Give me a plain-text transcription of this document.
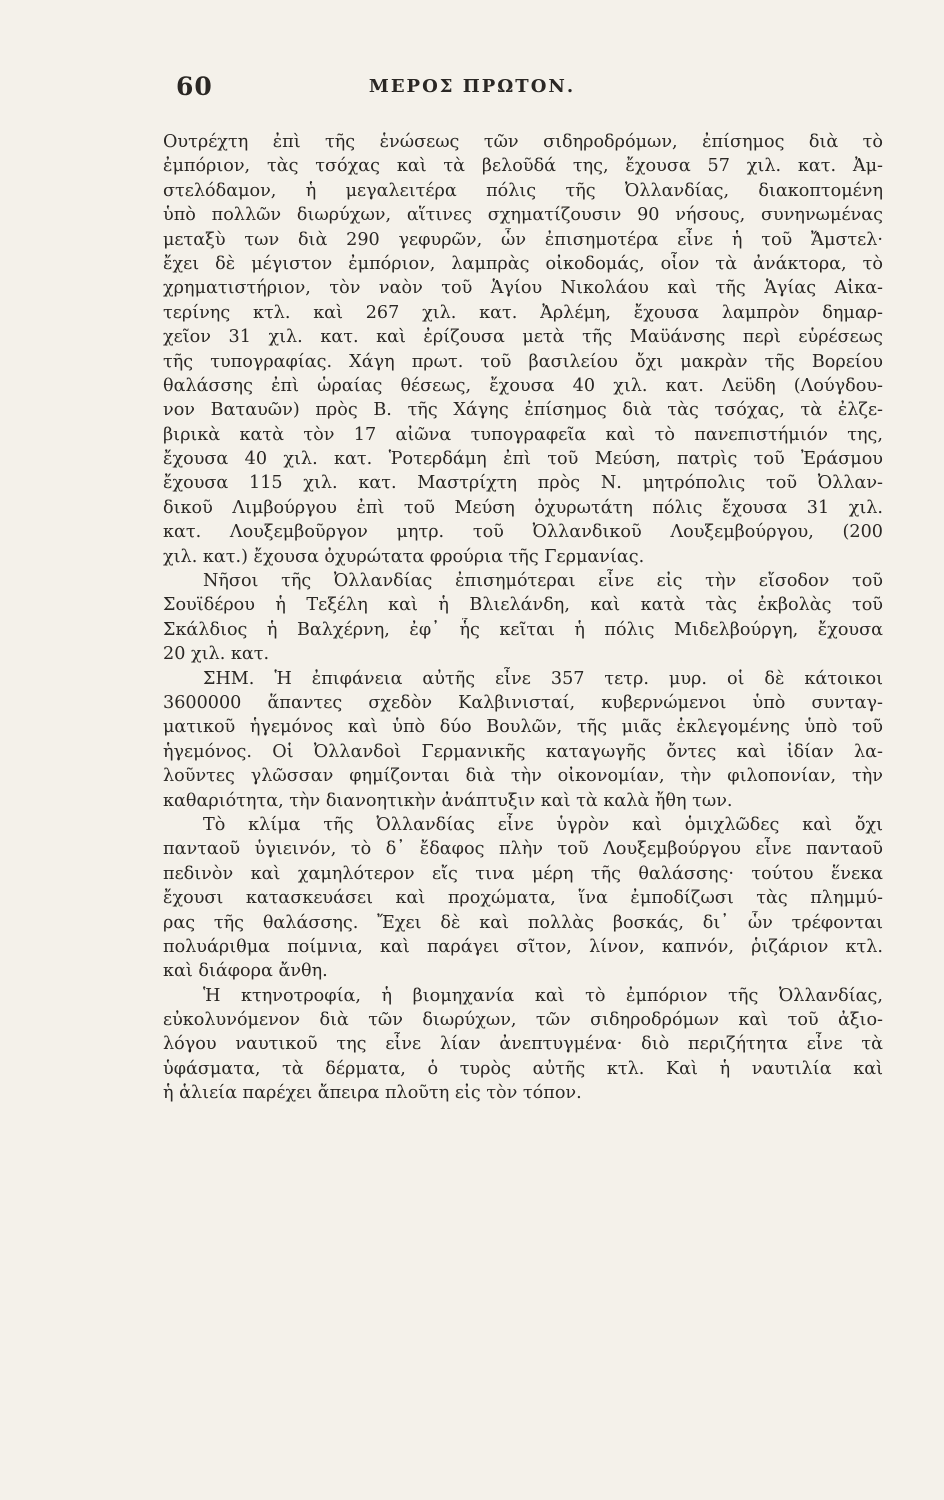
60	ΜΕΡΟΣ ΠΡΩΤΟΝ.
Ουτρέχτη ἐπὶ τῆς ἑνώσεως τῶν σιδηροδρόμων, ἐπίσημος διὰ τὸ
ἐμπόριον, τὰς τσόχας καὶ τὰ βελοῦδά της, ἔχουσα 57 χιλ. κατ. Ἀμ-
στελόδαμον, ἡ μεγαλειτέρα πόλις τῆς Ὀλλανδίας, διακοπτομένη
ὑπὸ πολλῶν διωρύχων, αἵτινες σχηματίζουσιν 90 νήσους, συνηνωμένας
μεταξὺ των διὰ 290 γεφυρῶν, ὧν ἐπισημοτέρα εἶνε ἡ τοῦ Ἄμστελ·
ἔχει δὲ μέγιστον ἐμπόριον, λαμπρὰς οἰκοδομάς, οἷον τὰ ἀνάκτορα, τὸ
χρηματιστήριον, τὸν ναὸν τοῦ Ἁγίου Νικολάου καὶ τῆς Ἁγίας Αἰκα-
τερίνης κτλ. καὶ 267 χιλ. κατ. Ἀρλέμη, ἔχουσα λαμπρὸν δημαρ-
χεῖον 31 χιλ. κατ. καὶ ἐρίζουσα μετὰ τῆς Μαϋάνσης περὶ εὑρέσεως
τῆς τυπογραφίας. Χάγη πρωτ. τοῦ βασιλείου ὄχι μακρὰν τῆς Βορείου
θαλάσσης ἐπὶ ὡραίας θέσεως, ἔχουσα 40 χιλ. κατ. Λεϋδη (Λούγδου-
νον Βαταυῶν) πρὸς Β. τῆς Χάγης ἐπίσημος διὰ τὰς τσόχας, τὰ ἐλζε-
βιρικὰ κατὰ τὸν 17 αἰῶνα τυπογραφεῖα καὶ τὸ πανεπιστήμιόν της,
ἔχουσα 40 χιλ. κατ. Ῥοτερδάμη ἐπὶ τοῦ Μεύση, πατρὶς τοῦ Ἐράσμου
ἔχουσα 115 χιλ. κατ. Μαστρίχτη πρὸς Ν. μητρόπολις τοῦ Ὀλλαν-
δικοῦ Λιμβούργου ἐπὶ τοῦ Μεύση ὀχυρωτάτη πόλις ἔχουσα 31 χιλ.
κατ. Λουξεμβοῦργον μητρ. τοῦ Ὀλλανδικοῦ Λουξεμβούργου, (200
χιλ. κατ.) ἔχουσα ὀχυρώτατα φρούρια τῆς Γερμανίας.
Νῆσοι τῆς Ὀλλανδίας ἐπισημότεραι εἶνε εἰς τὴν εἴσοδον τοῦ
Σουϊδέρου ἡ Τεξέλη καὶ ἡ Βλιελάνδη, καὶ κατὰ τὰς ἐκβολὰς τοῦ
Σκάλδιος ἡ Βαλχέρνη, ἐφ᾽ ἧς κεῖται ἡ πόλις Μιδελβούργη, ἔχουσα
20 χιλ. κατ.
ΣΗΜ. Ἡ ἐπιφάνεια αὐτῆς εἶνε 357 τετρ. μυρ. οἱ δὲ κάτοικοι
3600000 ἅπαντες σχεδὸν Καλβινισταί, κυβερνώμενοι ὑπὸ συνταγ-
ματικοῦ ἡγεμόνος καὶ ὑπὸ δύο Βουλῶν, τῆς μιᾶς ἐκλεγομένης ὑπὸ τοῦ
ἡγεμόνος. Οἱ Ὀλλανδοὶ Γερμανικῆς καταγωγῆς ὄντες καὶ ἰδίαν λα-
λοῦντες γλῶσσαν φημίζονται διὰ τὴν οἰκονομίαν, τὴν φιλοπονίαν, τὴν
καθαριότητα, τὴν διανοητικὴν ἀνάπτυξιν καὶ τὰ καλὰ ἤθη των.
Τὸ κλίμα τῆς Ὀλλανδίας εἶνε ὑγρὸν καὶ ὁμιχλῶδες καὶ ὄχι
πανταοῦ ὑγιεινόν, τὸ δ᾽ ἔδαφος πλὴν τοῦ Λουξεμβούργου εἶνε πανταοῦ
πεδινὸν καὶ χαμηλότερον εἴς τινα μέρη τῆς θαλάσσης· τούτου ἕνεκα
ἔχουσι κατασκευάσει καὶ προχώματα, ἵνα ἐμποδίζωσι τὰς πλημμύ-
ρας τῆς θαλάσσης. Ἔχει δὲ καὶ πολλὰς βοσκάς, δι᾽ ὧν τρέφονται
πολυάριθμα ποίμνια, καὶ παράγει σῖτον, λίνον, καπνόν, ῥιζάριον κτλ.
καὶ διάφορα ἄνθη.
Ἡ κτηνοτροφία, ἡ βιομηχανία καὶ τὸ ἐμπόριον τῆς Ὀλλανδίας,
εὐκολυνόμενον διὰ τῶν διωρύχων, τῶν σιδηροδρόμων καὶ τοῦ ἀξιο-
λόγου ναυτικοῦ της εἶνε λίαν ἀνεπτυγμένα· διὸ περιζήτητα εἶνε τὰ
ὑφάσματα, τὰ δέρματα, ὁ τυρὸς αὐτῆς κτλ. Καὶ ἡ ναυτιλία καὶ
ἡ ἁλιεία παρέχει ἄπειρα πλοῦτη εἰς τὸν τόπον.
